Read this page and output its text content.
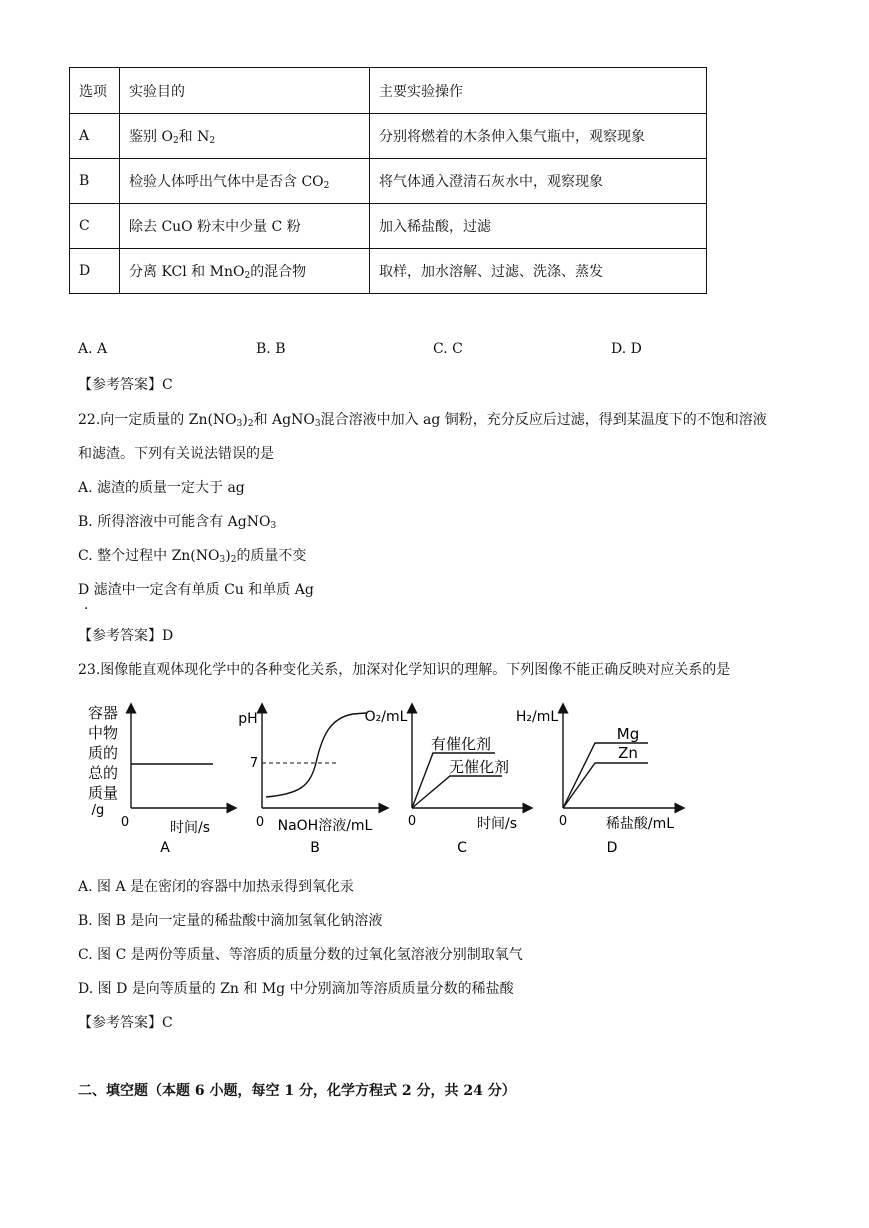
选项	实验目的	主要实验操作
A	鉴别 $O_2$和 $N_2$	分别将燃着的木条伸入集气瓶中，观察现象
B	检验人体呼出气体中是否含 $CO_2$	将气体通入澄清石灰水中，观察现象
C	除去 CuO 粉末中少量 C 粉	加入稀盐酸，过滤
D	分离 KCl 和 MnO$_2$的混合物	取样，加水溶解、过滤、洗涤、蒸发
A. A	B. B	C. C	D. D
【参考答案】C
22.向一定质量的 $Zn(NO_3)_2$和 AgNO$_3$混合溶液中加入 ag 铜粉，充分反应后过滤，得到某温度下的不饱和溶液
和滤渣。下列有关说法错误的是
A. 滤渣的质量一定大于 ag
B. 所得溶液中可能含有 AgNO$_3$
C. 整个过程中 $Zn(NO_3)_2$的质量不变
D 滤渣中一定含有单质 Cu 和单质 Ag
．
【参考答案】D
23.图像能直观体现化学中的各种变化关系，加深对化学知识的理解。下列图像不能正确反映对应关系的是
容器
中物
质的
总的
质量
/g
0	时间/s
A
pH
7
0 NaOH溶液/mL
B
O₂/mL
有催化剂
无催化剂
0	时间/s
C
H₂/mL
Mg
Zn
0	稀盐酸/mL
D
A. 图 A 是在密闭的容器中加热汞得到氧化汞
B. 图 B 是向一定量的稀盐酸中滴加氢氧化钠溶液
C. 图 C 是两份等质量、等溶质的质量分数的过氧化氢溶液分别制取氧气
D. 图 D 是向等质量的 Zn 和 Mg 中分别滴加等溶质质量分数的稀盐酸
【参考答案】C
二、填空题（本题 6 小题，每空 1 分，化学方程式 2 分，共 24 分）
